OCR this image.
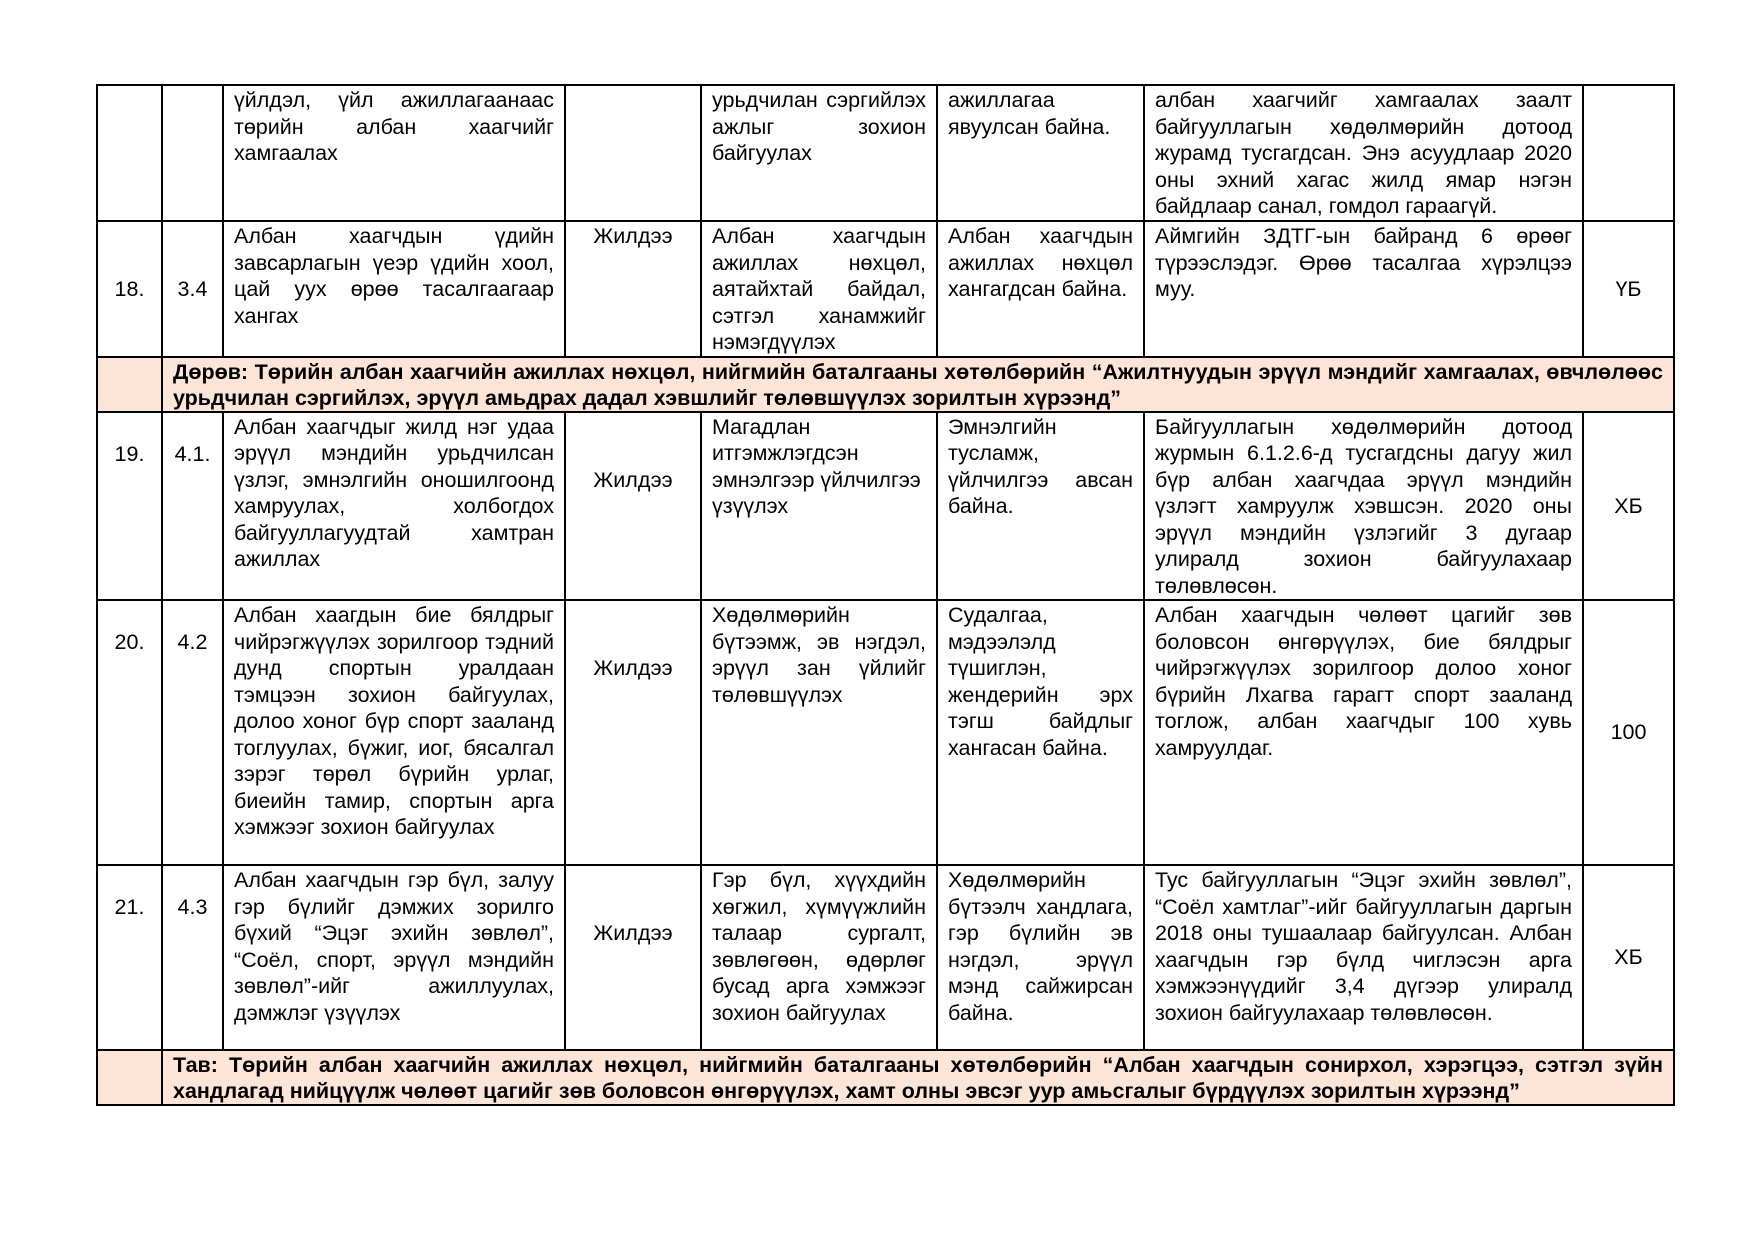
		үйлдэл, үйл ажиллагаанаас төрийн албан хаагчийг хамгаалах		урьдчилан сэргийлэх ажлыг зохион байгуулах	ажиллагаа явуулсан байна.	албан хаагчийг хамгаалах заалт байгууллагын хөдөлмөрийн дотоод журамд тусгагдсан. Энэ асуудлаар 2020 оны эхний хагас жилд ямар нэгэн байдлаар санал, гомдол гараагүй.	
18.	3.4	Албан хаагчдын үдийн завсарлагын үеэр үдийн хоол, цай уух өрөө тасалгаагаар хангах	Жилдээ	Албан хаагчдын ажиллах нөхцөл, аятайхтай байдал, сэтгэл ханамжийг нэмэгдүүлэх	Албан хаагчдын ажиллах нөхцөл хангагдсан байна.	Аймгийн ЗДТГ-ын байранд 6 өрөөг түрээслэдэг. Өрөө тасалгаа хүрэлцээ муу.	ҮБ
	Дөрөв: Төрийн албан хаагчийн ажиллах нөхцөл, нийгмийн баталгааны хөтөлбөрийн “Ажилтнуудын эрүүл мэндийг хамгаалах, өвчлөлөөс урьдчилан сэргийлэх, эрүүл амьдрах дадал хэвшлийг төлөвшүүлэх зорилтын хүрээнд”						
19.	4.1.	Албан хаагчдыг жилд нэг удаа эрүүл мэндийн урьдчилсан үзлэг, эмнэлгийн оношилгоонд хамруулах, холбогдох байгууллагуудтай хамтран ажиллах	Жилдээ	Магадлан итгэмжлэгдсэн эмнэлгээр үйлчилгээ үзүүлэх	Эмнэлгийн тусламж, үйлчилгээ авсан байна.	Байгууллагын хөдөлмөрийн дотоод журмын 6.1.2.6-д тусгагдсны дагуу жил бүр албан хаагчдаа эрүүл мэндийн үзлэгт хамруулж хэвшсэн. 2020 оны эрүүл мэндийн үзлэгийг 3 дугаар улиралд зохион байгуулахаар төлөвлөсөн.	ХБ
20.	4.2	Албан хаагдын бие бялдрыг чийрэгжүүлэх зорилгоор тэдний дунд спортын уралдаан тэмцээн зохион байгуулах, долоо хоног бүр спорт зааланд тоглуулах, бүжиг, иог, бясалгал зэрэг төрөл бүрийн урлаг, биеийн тамир, спортын арга хэмжээг зохион байгуулах	Жилдээ	Хөдөлмөрийн бүтээмж, эв нэгдэл, эрүүл зан үйлийг төлөвшүүлэх	Судалгаа, мэдээлэлд түшиглэн, жендерийн эрх тэгш байдлыг хангасан байна.	Албан хаагчдын чөлөөт цагийг зөв боловсон өнгөрүүлэх, бие бялдрыг чийрэгжүүлэх зорилгоор долоо хоног бүрийн Лхагва гарагт спорт зааланд тоглож, албан хаагчдыг 100 хувь хамруулдаг.	100
21.	4.3	Албан хаагчдын гэр бүл, залуу гэр бүлийг дэмжих зорилго бүхий “Эцэг эхийн зөвлөл”, “Соёл, спорт, эрүүл мэндийн зөвлөл”-ийг ажиллуулах, дэмжлэг үзүүлэх	Жилдээ	Гэр бүл, хүүхдийн хөгжил, хүмүүжлийн талаар сургалт, зөвлөгөөн, өдөрлөг бусад арга хэмжээг зохион байгуулах	Хөдөлмөрийн бүтээлч хандлага, гэр бүлийн эв нэгдэл, эрүүл мэнд сайжирсан байна.	Тус байгууллагын “Эцэг эхийн зөвлөл”, “Соёл хамтлаг”-ийг байгууллагын даргын 2018 оны тушаалаар байгуулсан. Албан хаагчдын гэр бүлд чиглэсэн арга хэмжээнүүдийг 3,4 дүгээр улиралд зохион байгуулахаар төлөвлөсөн.	ХБ
	Тав: Төрийн албан хаагчийн ажиллах нөхцөл, нийгмийн баталгааны хөтөлбөрийн “Албан хаагчдын сонирхол, хэрэгцээ, сэтгэл зүйн хандлагад нийцүүлж чөлөөт цагийг зөв боловсон өнгөрүүлэх, хамт олны эвсэг уур амьсгалыг бүрдүүлэх зорилтын хүрээнд”						
